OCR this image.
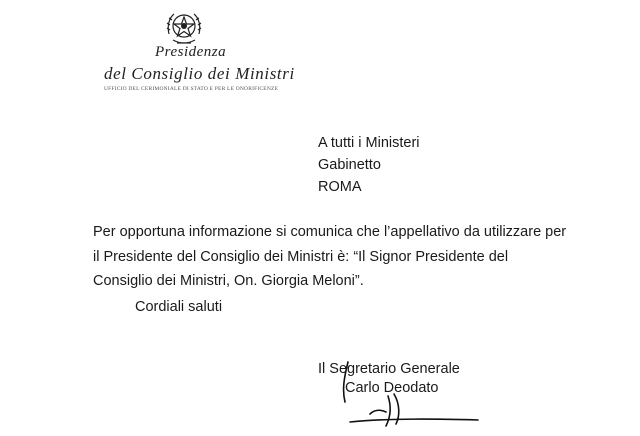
Presidenza
del Consiglio dei Ministri
UFFICIO DEL CERIMONIALE DI STATO E PER LE ONORIFICENZE
A tutti i Ministeri
Gabinetto
ROMA
Per opportuna informazione si comunica che l’appellativo da utilizzare per il Presidente del Consiglio dei Ministri è: “Il Signor Presidente del Consiglio dei Ministri, On. Giorgia Meloni”.
Cordiali saluti
Il Segretario Generale
Carlo Deodato
